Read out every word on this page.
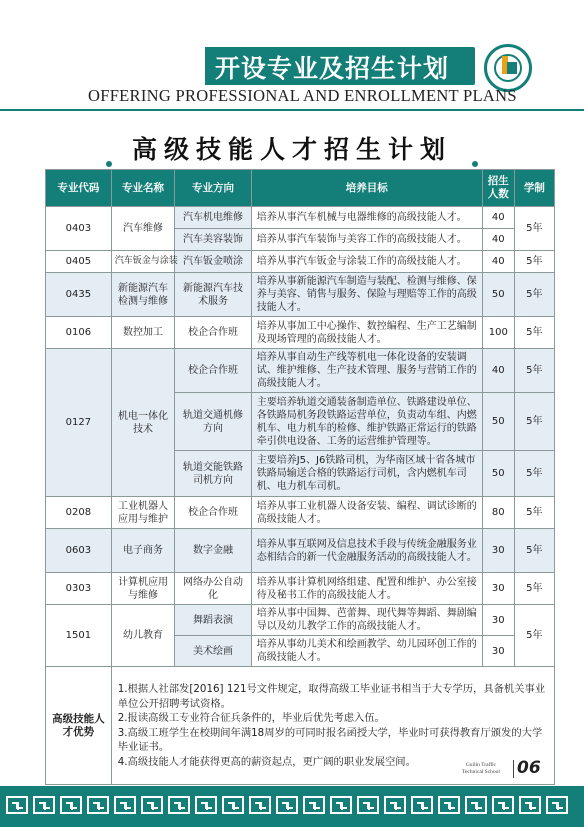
开设专业及招生计划
OFFERING PROFESSIONAL AND ENROLLMENT PLANS
高级技能人才招生计划
专业代码	专业名称	专业方向	培养目标	招生人数	学制
0403	汽车维修	汽车机电维修	培养从事汽车机械与电器维修的高级技能人才。	40	5年
		汽车美容装饰	培养从事汽车装饰与美容工作的高级技能人才。	40	
0405	汽车钣金与涂装	汽车钣金喷涂	培养从事汽车钣金与涂装工作的高级技能人才。	40	5年
0435	新能源汽车检测与维修	新能源汽车技术服务	培养从事新能源汽车制造与装配、检测与维修、保养与美容、销售与服务、保险与理赔等工作的高级技能人才。	50	5年
0106	数控加工	校企合作班	培养从事加工中心操作、数控编程、生产工艺编制及现场管理的高级技能人才。	100	5年
0127	机电一体化技术	校企合作班	培养从事自动生产线等机电一体化设备的安装调试、维护维修、生产技术管理、服务与营销工作的高级技能人才。	40	5年
		轨道交通机修方向	主要培养轨道交通装备制造单位、铁路建设单位、各铁路局机务段铁路运营单位，负责动车组、内燃机车、电力机车的检修、维护铁路正常运行的铁路牵引供电设备、工务的运营维护管理等。	50	5年
		轨道交能铁路司机方向	主要培养J5、J6铁路司机，为华南区域十省各城市铁路局输送合格的铁路运行司机，含内燃机车司机、电力机车司机。	50	5年
0208	工业机器人应用与维护	校企合作班	培养从事工业机器人设备安装、编程、调试诊断的高级技能人才。	80	5年
0603	电子商务	数字金融	培养从事互联网及信息技术手段与传统金融服务业态相结合的新一代金融服务活动的高级技能人才。	30	5年
0303	计算机应用与维修	网络办公自动化	培养从事计算机网络组建、配置和维护、办公室接待及秘书工作的高级技能人才。	30	5年
1501	幼儿教育	舞蹈表演	培养从事中国舞、芭蕾舞、现代舞等舞蹈、舞剧编导以及幼儿教学工作的高级技能人才。	30	5年
		美术绘画	培养从事幼儿美术和绘画教学、幼儿园环创工作的高级技能人才。	30	
高级技能人才优势	1.根据人社部发[2016] 121号文件规定，取得高级工毕业证书相当于大专学历，具备机关事业单位公开招聘考试资格。
2.报读高级工专业符合征兵条件的，毕业后优先考虑入伍。
3.高级工班学生在校期间年满18周岁的可同时报名函授大学，毕业时可获得教育厅颁发的大学毕业证书。
4.高级技能人才能获得更高的薪资起点，更广阔的职业发展空间。					Guilin Traffic
Technical School 06
